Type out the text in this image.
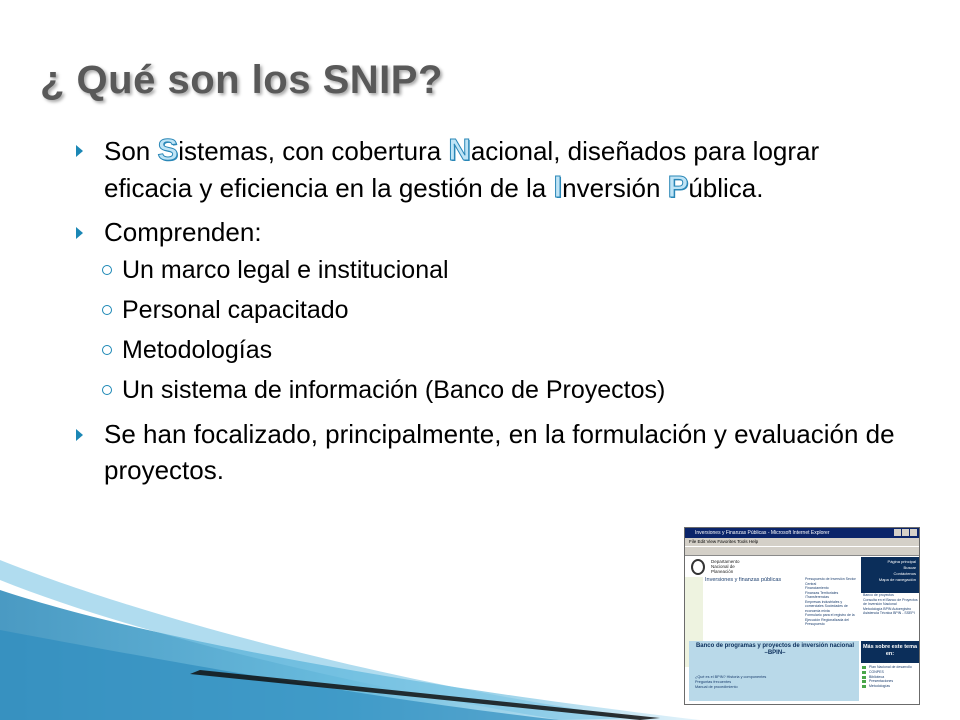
¿ Qué son los SNIP?
Son Sistemas, con cobertura Nacional, diseñados para lograr eficacia y eficiencia en la gestión de la Inversión Pública.
Comprenden:
Un marco legal e institucional
Personal capacitado
Metodologías
Un sistema de información (Banco de Proyectos)
Se han focalizado, principalmente, en la formulación y evaluación de proyectos.
Inversiones y Finanzas Públicas - Microsoft Internet Explorer
File Edit View Favorites Tools Help
Departamento
Nacional de
Planeación
Página principal
Buscar
Contáctenos
Mapa de navegación
Inversiones y finanzas públicas	Presupuesto de Inversión Sector Central
Financiamiento
Finanzas Territoriales /Transferencias
Empresas industriales y comerciales Sociedades de economía mixta
Formulario para el registro de la Ejecución Regionalizada del Presupuesto
Banco de proyectos
Consulta en el Banco de Proyectos de Inversión Nacional
Metodología BPIN Autoregistro
Asistencia Técnica BPIN - SSEPI
Banco de programas y proyectos de inversión nacional –BPIN–
¿Qué es el BPIN? Historia y componentes
Preguntas frecuentes
Manual de procedimiento
Más sobre este tema en:
Plan Nacional de desarrollo
CONPES
Biblioteca
Presentaciones
Metodologías
